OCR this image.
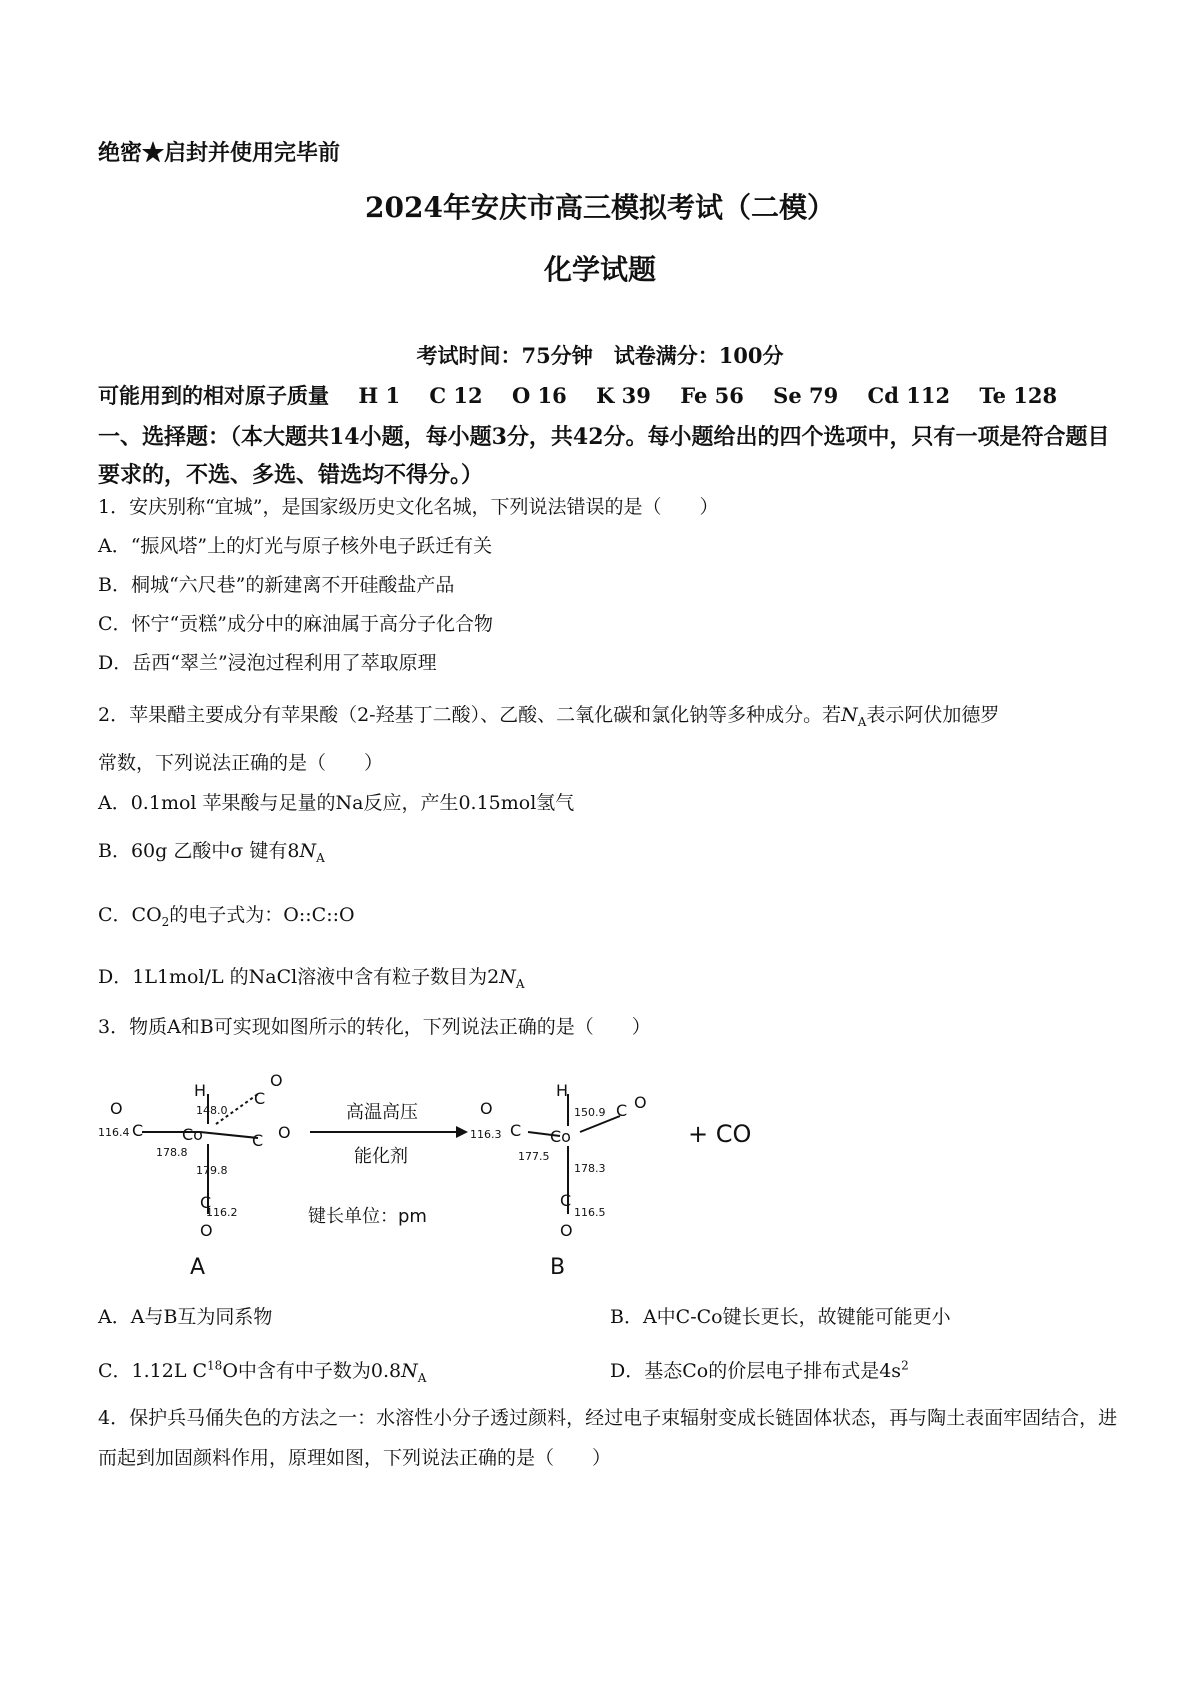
绝密★启封并使用完毕前
2024年安庆市高三模拟考试（二模）
化学试题
考试时间：75分钟　试卷满分：100分
可能用到的相对原子质量 H 1 C 12 O 16 K 39 Fe 56 Se 79 Cd 112 Te 128
一、选择题：（本大题共14小题，每小题3分，共42分。每小题给出的四个选项中，只有一项是符合题目要求的，不选、多选、错选均不得分。）
1．安庆别称“宜城”，是国家级历史文化名城，下列说法错误的是（　　）
A．“振风塔”上的灯光与原子核外电子跃迁有关
B．桐城“六尺巷”的新建离不开硅酸盐产品
C．怀宁“贡糕”成分中的麻油属于高分子化合物
D．岳西“翠兰”浸泡过程利用了萃取原理
2．苹果醋主要成分有苹果酸（2-羟基丁二酸）、乙酸、二氧化碳和氯化钠等多种成分。若$N_A$表示阿伏加德罗
常数，下列说法正确的是（　　）
A．0.1mol 苹果酸与足量的Na反应，产生0.15mol氢气
B．60g 乙酸中σ 键有$8N_A$
C．$CO_2$的电子式为：O::C::O
D．1L1mol/L 的NaCl溶液中含有粒子数目为$2N_A$
3．物质A和B可实现如图所示的转化，下列说法正确的是（　　）
O
C
H
Co
C
O
C O
C
O
116.4
178.8
148.0
179.8
116.2
A
高温高压
能化剂
键长单位：pm
O
C
H
Co
C O
C
O
116.3
177.5
150.9
178.3
116.5
B
+ CO
A．A与B互为同系物	B．A中C-Co键长更长，故键能可能更小
C．1.12L $C^{18}O$中含有中子数为$0.8N_A$	D．基态Co的价层电子排布式是$4s^2$
4．保护兵马俑失色的方法之一：水溶性小分子透过颜料，经过电子束辐射变成长链固体状态，再与陶土表面牢固结合，进而起到加固颜料作用，原理如图，下列说法正确的是（　　）
